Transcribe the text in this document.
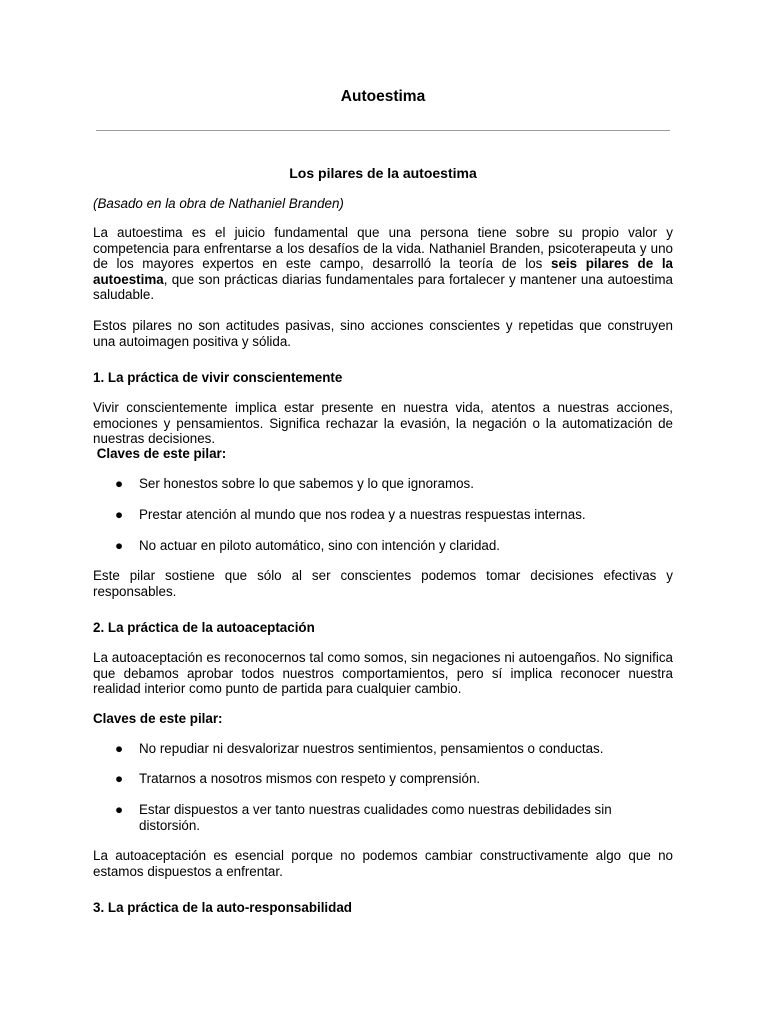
Autoestima
Los pilares de la autoestima

(Basado en la obra de Nathaniel Branden)

La autoestima es el juicio fundamental que una persona tiene sobre su propio valor y competencia para enfrentarse a los desafíos de la vida. Nathaniel Branden, psicoterapeuta y uno de los mayores expertos en este campo, desarrolló la teoría de los seis pilares de la autoestima, que son prácticas diarias fundamentales para fortalecer y mantener una autoestima saludable.

Estos pilares no son actitudes pasivas, sino acciones conscientes y repetidas que construyen una autoimagen positiva y sólida.

1. La práctica de vivir conscientemente

Vivir conscientemente implica estar presente en nuestra vida, atentos a nuestras acciones, emociones y pensamientos. Significa rechazar la evasión, la negación o la automatización de nuestras decisiones.

Claves de este pilar:

●	Ser honestos sobre lo que sabemos y lo que ignoramos.
●	Prestar atención al mundo que nos rodea y a nuestras respuestas internas.
●	No actuar en piloto automático, sino con intención y claridad.

Este pilar sostiene que sólo al ser conscientes podemos tomar decisiones efectivas y responsables.

2. La práctica de la autoaceptación

La autoaceptación es reconocernos tal como somos, sin negaciones ni autoengaños. No significa que debamos aprobar todos nuestros comportamientos, pero sí implica reconocer nuestra realidad interior como punto de partida para cualquier cambio.

Claves de este pilar:

●	No repudiar ni desvalorizar nuestros sentimientos, pensamientos o conductas.
●	Tratarnos a nosotros mismos con respeto y comprensión.
●	Estar dispuestos a ver tanto nuestras cualidades como nuestras debilidades sin distorsión.

La autoaceptación es esencial porque no podemos cambiar constructivamente algo que no estamos dispuestos a enfrentar.

3. La práctica de la auto-responsabilidad
